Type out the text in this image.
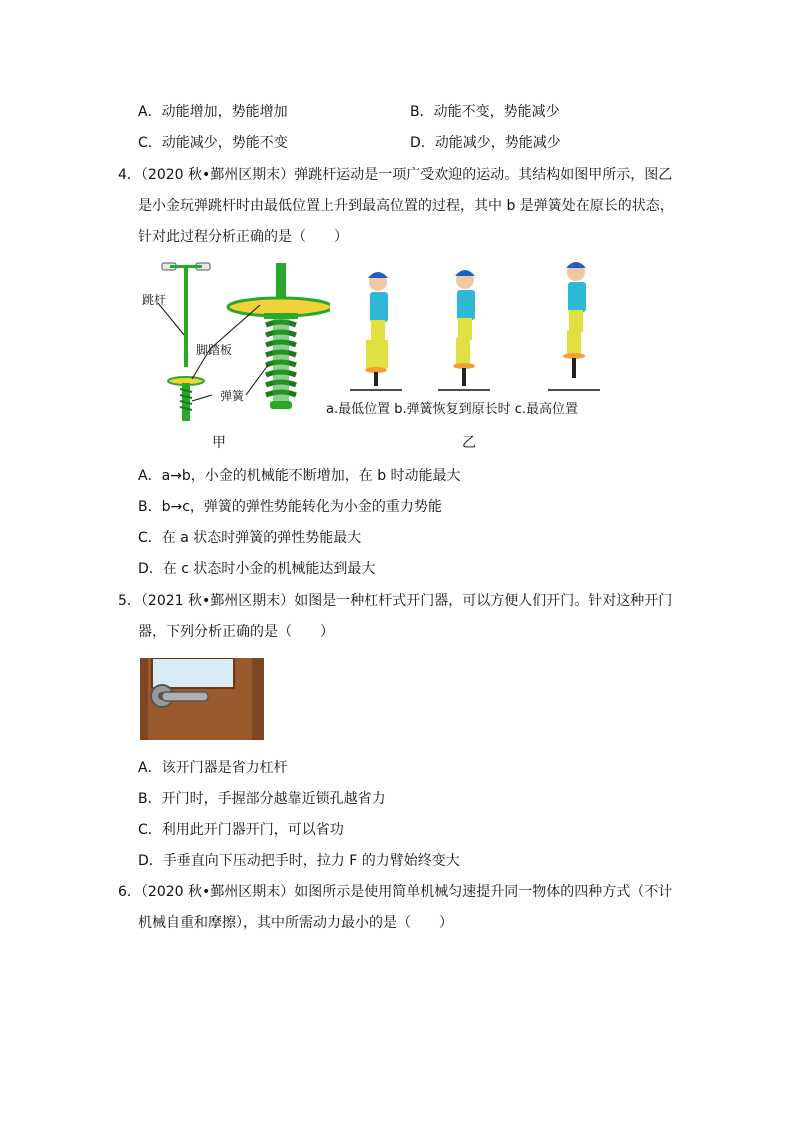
A．动能增加，势能增加	B．动能不变，势能减少
C．动能减少，势能不变	D．动能减少，势能减少
4．（2020 秋•鄞州区期末）弹跳杆运动是一项广受欢迎的运动。其结构如图甲所示，图乙
是小金玩弹跳杆时由最低位置上升到最高位置的过程，其中 b 是弹簧处在原长的状态，
针对此过程分析正确的是（　　）
跳杆
脚踏板
弹簧
甲
a.最低位置 b.弹簧恢复到原长时 c.最高位置
乙
A．a→b，小金的机械能不断增加，在 b 时动能最大
B．b→c，弹簧的弹性势能转化为小金的重力势能
C．在 a 状态时弹簧的弹性势能最大
D．在 c 状态时小金的机械能达到最大
5．（2021 秋•鄞州区期末）如图是一种杠杆式开门器，可以方便人们开门。针对这种开门
器，下列分析正确的是（　　）
A．该开门器是省力杠杆
B．开门时，手握部分越靠近锁孔越省力
C．利用此开门器开门，可以省功
D．手垂直向下压动把手时，拉力 F 的力臂始终变大
6．（2020 秋•鄞州区期末）如图所示是使用简单机械匀速提升同一物体的四种方式（不计
机械自重和摩擦），其中所需动力最小的是（　　）
